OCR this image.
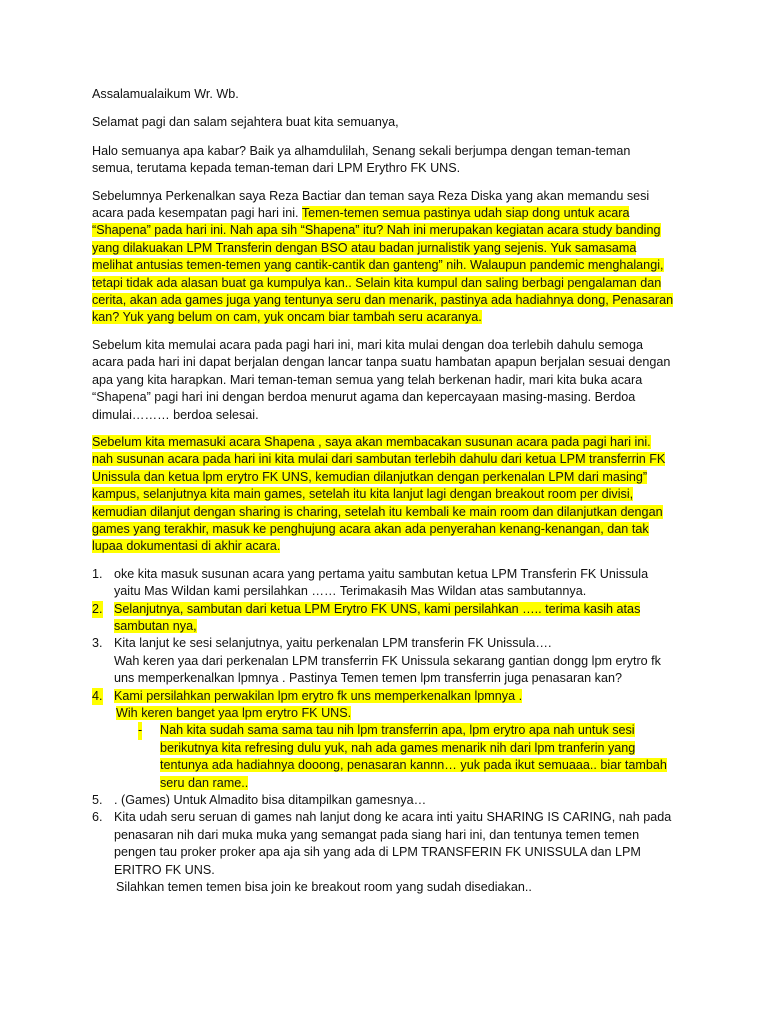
Assalamualaikum Wr. Wb.

Selamat pagi dan salam sejahtera buat kita semuanya,

Halo semuanya apa kabar? Baik ya alhamdulilah, Senang sekali berjumpa dengan teman-teman semua, terutama kepada teman-teman dari LPM Erythro FK UNS.

Sebelumnya Perkenalkan saya Reza Bactiar dan teman saya Reza Diska yang akan memandu sesi acara pada kesempatan pagi hari ini. Temen-temen semua pastinya udah siap dong untuk acara “Shapena” pada hari ini. Nah apa sih “Shapena” itu? Nah ini merupakan kegiatan acara study banding yang dilakuakan LPM Transferin dengan BSO atau badan jurnalistik yang sejenis. Yuk samasama melihat antusias temen-temen yang cantik-cantik dan ganteng” nih. Walaupun pandemic menghalangi, tetapi tidak ada alasan buat ga kumpulya kan.. Selain kita kumpul dan saling berbagi pengalaman dan cerita, akan ada games juga yang tentunya seru dan menarik, pastinya ada hadiahnya dong, Penasaran kan? Yuk yang belum on cam, yuk oncam biar tambah seru acaranya.

Sebelum kita memulai acara pada pagi hari ini, mari kita mulai dengan doa terlebih dahulu semoga acara pada hari ini dapat berjalan dengan lancar tanpa suatu hambatan apapun berjalan sesuai dengan apa yang kita harapkan. Mari teman-teman semua yang telah berkenan hadir, mari kita buka acara “Shapena” pagi hari ini dengan berdoa menurut agama dan kepercayaan masing-masing. Berdoa dimulai……… berdoa selesai.

Sebelum kita memasuki acara Shapena , saya akan membacakan susunan acara pada pagi hari ini. nah susunan acara pada hari ini kita mulai dari sambutan terlebih dahulu dari ketua LPM transferrin FK Unissula dan ketua lpm erytro FK UNS, kemudian dilanjutkan dengan perkenalan LPM dari masing” kampus, selanjutnya kita main games, setelah itu kita lanjut lagi dengan breakout room per divisi, kemudian dilanjut dengan sharing is charing, setelah itu kembali ke main room dan dilanjutkan dengan games yang terakhir, masuk ke penghujung acara akan ada penyerahan kenang-kenangan, dan tak lupaa dokumentasi di akhir acara.

1. oke kita masuk susunan acara yang pertama yaitu sambutan ketua LPM Transferin FK Unissula yaitu Mas Wildan kami persilahkan …… Terimakasih Mas Wildan atas sambutannya.
2. Selanjutnya, sambutan dari ketua LPM Erytro FK UNS, kami persilahkan ….. terima kasih atas sambutan nya,
3. Kita lanjut ke sesi selanjutnya, yaitu perkenalan LPM transferin FK Unissula….
Wah keren yaa dari perkenalan LPM transferrin FK Unissula sekarang gantian dongg lpm erytro fk uns memperkenalkan lpmnya . Pastinya Temen temen lpm transferrin juga penasaran kan?
4. Kami persilahkan perwakilan lpm erytro fk uns memperkenalkan lpmnya .
Wih keren banget yaa lpm erytro FK UNS.
- Nah kita sudah sama sama tau nih lpm transferrin apa, lpm erytro apa nah untuk sesi berikutnya kita refresing dulu yuk, nah ada games menarik nih dari lpm tranferin yang tentunya ada hadiahnya dooong, penasaran kannn… yuk pada ikut semuaaa.. biar tambah seru dan rame..
5. . (Games) Untuk Almadito bisa ditampilkan gamesnya…
6. Kita udah seru seruan di games nah lanjut dong ke acara inti yaitu SHARING IS CARING, nah pada penasaran nih dari muka muka yang semangat pada siang hari ini, dan tentunya temen temen pengen tau proker proker apa aja sih yang ada di LPM TRANSFERIN FK UNISSULA dan LPM ERITRO FK UNS.
Silahkan temen temen bisa join ke breakout room yang sudah disediakan..
